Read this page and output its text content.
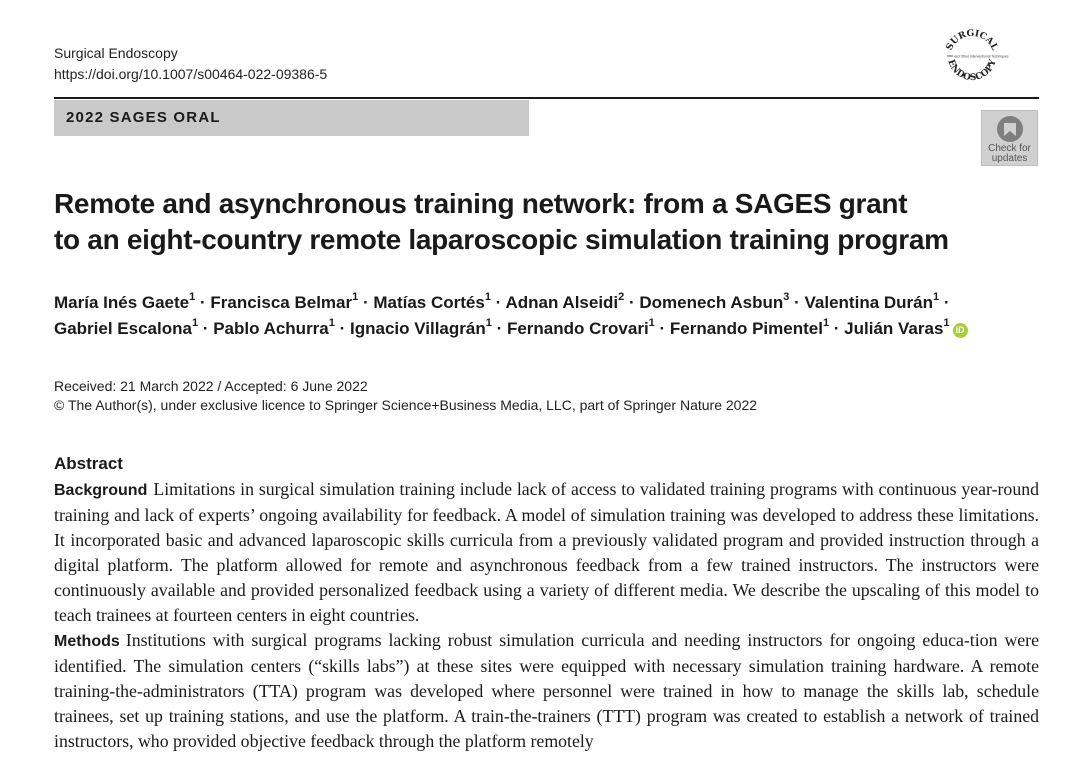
Surgical Endoscopy
https://doi.org/10.1007/s00464-022-09386-5
SURGICAL
ENDOSCOPY
and Other Interventional Techniques
2022 SAGES ORAL
Check for
updates
Remote and asynchronous training network: from a SAGES grant
to an eight-country remote laparoscopic simulation training program
María Inés Gaete$^1$ · Francisca Belmar$^1$ · Matías Cortés$^1$ · Adnan Alseidi$^2$ · Domenech Asbun$^3$ · Valentina Durán$^1$ ·
Gabriel Escalona$^1$ · Pablo Achurra$^1$ · Ignacio Villagrán$^1$ · Fernando Crovari$^1$ · Fernando Pimentel$^1$ · Julián Varas$^1$iD
Received: 21 March 2022 / Accepted: 6 June 2022
© The Author(s), under exclusive licence to Springer Science+Business Media, LLC, part of Springer Nature 2022
Abstract

Background Limitations in surgical simulation training include lack of access to validated training programs with continuous year-round training and lack of experts’ ongoing availability for feedback. A model of simulation training was developed to address these limitations. It incorporated basic and advanced laparoscopic skills curricula from a previously validated program and provided instruction through a digital platform. The platform allowed for remote and asynchronous feedback from a few trained instructors. The instructors were continuously available and provided personalized feedback using a variety of different media. We describe the upscaling of this model to teach trainees at fourteen centers in eight countries.

Methods Institutions with surgical programs lacking robust simulation curricula and needing instructors for ongoing educa-tion were identified. The simulation centers (“skills labs”) at these sites were equipped with necessary simulation training hardware. A remote training-the-administrators (TTA) program was developed where personnel were trained in how to manage the skills lab, schedule trainees, set up training stations, and use the platform. A train-the-trainers (TTT) program was created to establish a network of trained instructors, who provided objective feedback through the platform remotely
